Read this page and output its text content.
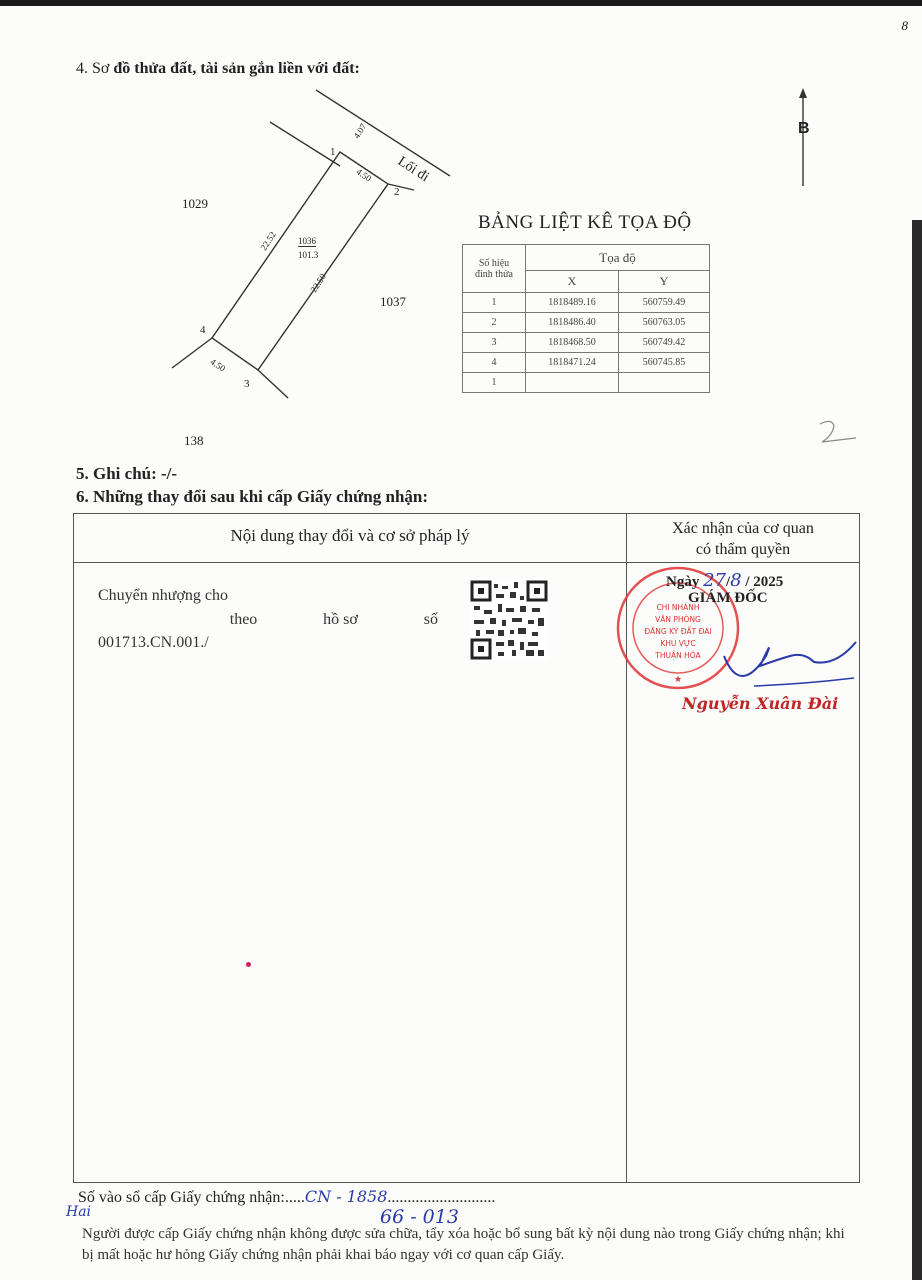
8
4. Sơ đồ thửa đất, tài sản gắn liền với đất:
1029
1037
138
Lối đi
4.07
4.50
22.52
22.50
4.50
1036
101.3
1
2
3
4
B
BẢNG LIỆT KÊ TỌA ĐỘ
Số hiệu
đỉnh thửa	Tọa độ	
	X	Y
1	1818489.16	560759.49
2	1818486.40	560763.05
3	1818468.50	560749.42
4	1818471.24	560745.85
1		
5. Ghi chú: -/-
6. Những thay đổi sau khi cấp Giấy chứng nhận:
Nội dung thay đổi và cơ sở pháp lý	Xác nhận của cơ quan
có thẩm quyền
Chuyển nhượng cho
theo	hồ sơ	số
001713.CN.001./
CHI NHÁNH
VĂN PHÒNG
ĐĂNG KÝ ĐẤT ĐAI
KHU VỰC
THUẬN HÓA
★
Ngày 27/8 / 2025
GIÁM ĐỐC
Nguyễn Xuân Đài
Số vào sổ cấp Giấy chứng nhận:.....CN - 1858...........................
Hai	66 - 013
Người được cấp Giấy chứng nhận không được sửa chữa, tẩy xóa hoặc bổ sung bất kỳ nội dung nào trong Giấy chứng nhận; khi bị mất hoặc hư hỏng Giấy chứng nhận phải khai báo ngay với cơ quan cấp Giấy.
